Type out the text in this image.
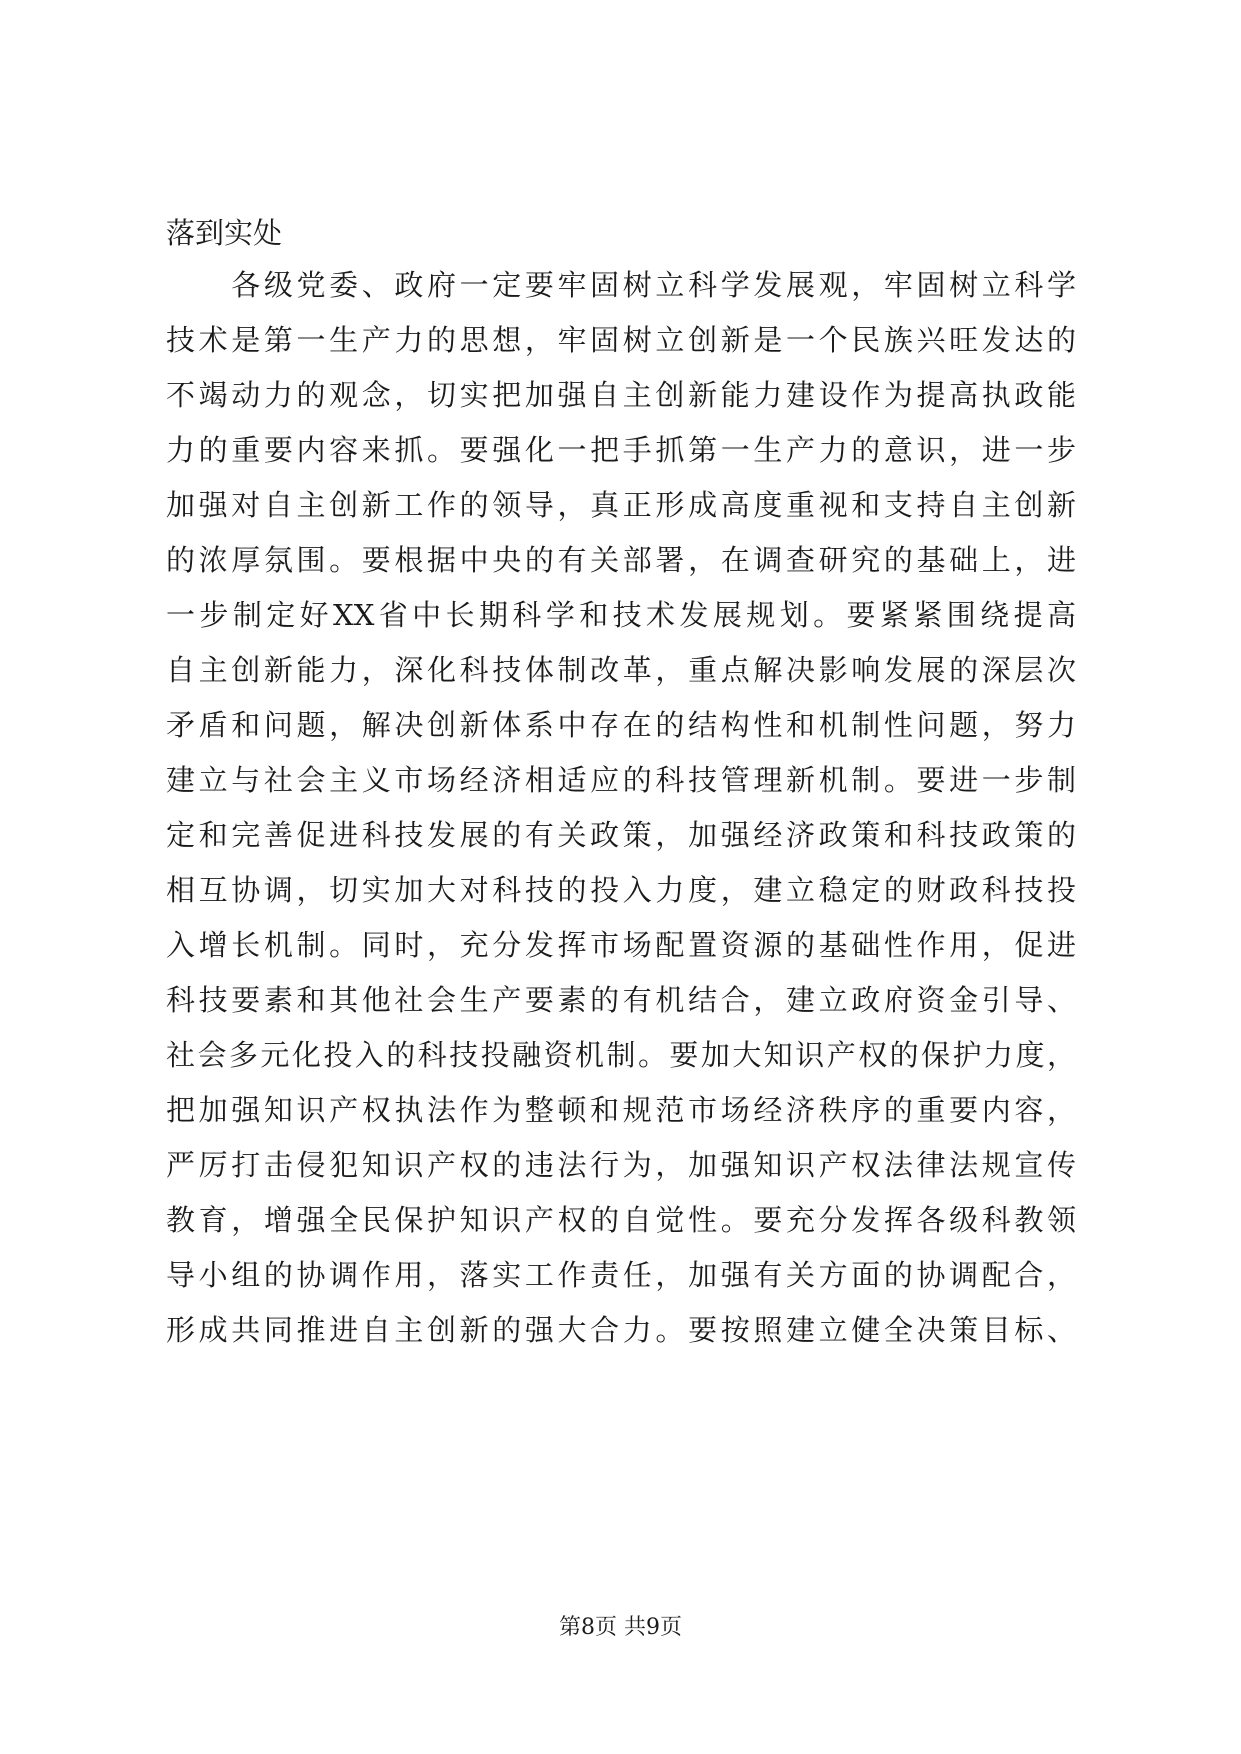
落到实处
　　各级党委、政府一定要牢固树立科学发展观，牢固树立科学
技术是第一生产力的思想，牢固树立创新是一个民族兴旺发达的
不竭动力的观念，切实把加强自主创新能力建设作为提高执政能
力的重要内容来抓。要强化一把手抓第一生产力的意识，进一步
加强对自主创新工作的领导，真正形成高度重视和支持自主创新
的浓厚氛围。要根据中央的有关部署，在调查研究的基础上，进
一步制定好XX省中长期科学和技术发展规划。要紧紧围绕提高
自主创新能力，深化科技体制改革，重点解决影响发展的深层次
矛盾和问题，解决创新体系中存在的结构性和机制性问题，努力
建立与社会主义市场经济相适应的科技管理新机制。要进一步制
定和完善促进科技发展的有关政策，加强经济政策和科技政策的
相互协调，切实加大对科技的投入力度，建立稳定的财政科技投
入增长机制。同时，充分发挥市场配置资源的基础性作用，促进
科技要素和其他社会生产要素的有机结合，建立政府资金引导、
社会多元化投入的科技投融资机制。要加大知识产权的保护力度，
把加强知识产权执法作为整顿和规范市场经济秩序的重要内容，
严厉打击侵犯知识产权的违法行为，加强知识产权法律法规宣传
教育，增强全民保护知识产权的自觉性。要充分发挥各级科教领
导小组的协调作用，落实工作责任，加强有关方面的协调配合，
形成共同推进自主创新的强大合力。要按照建立健全决策目标、
第8页 共9页
